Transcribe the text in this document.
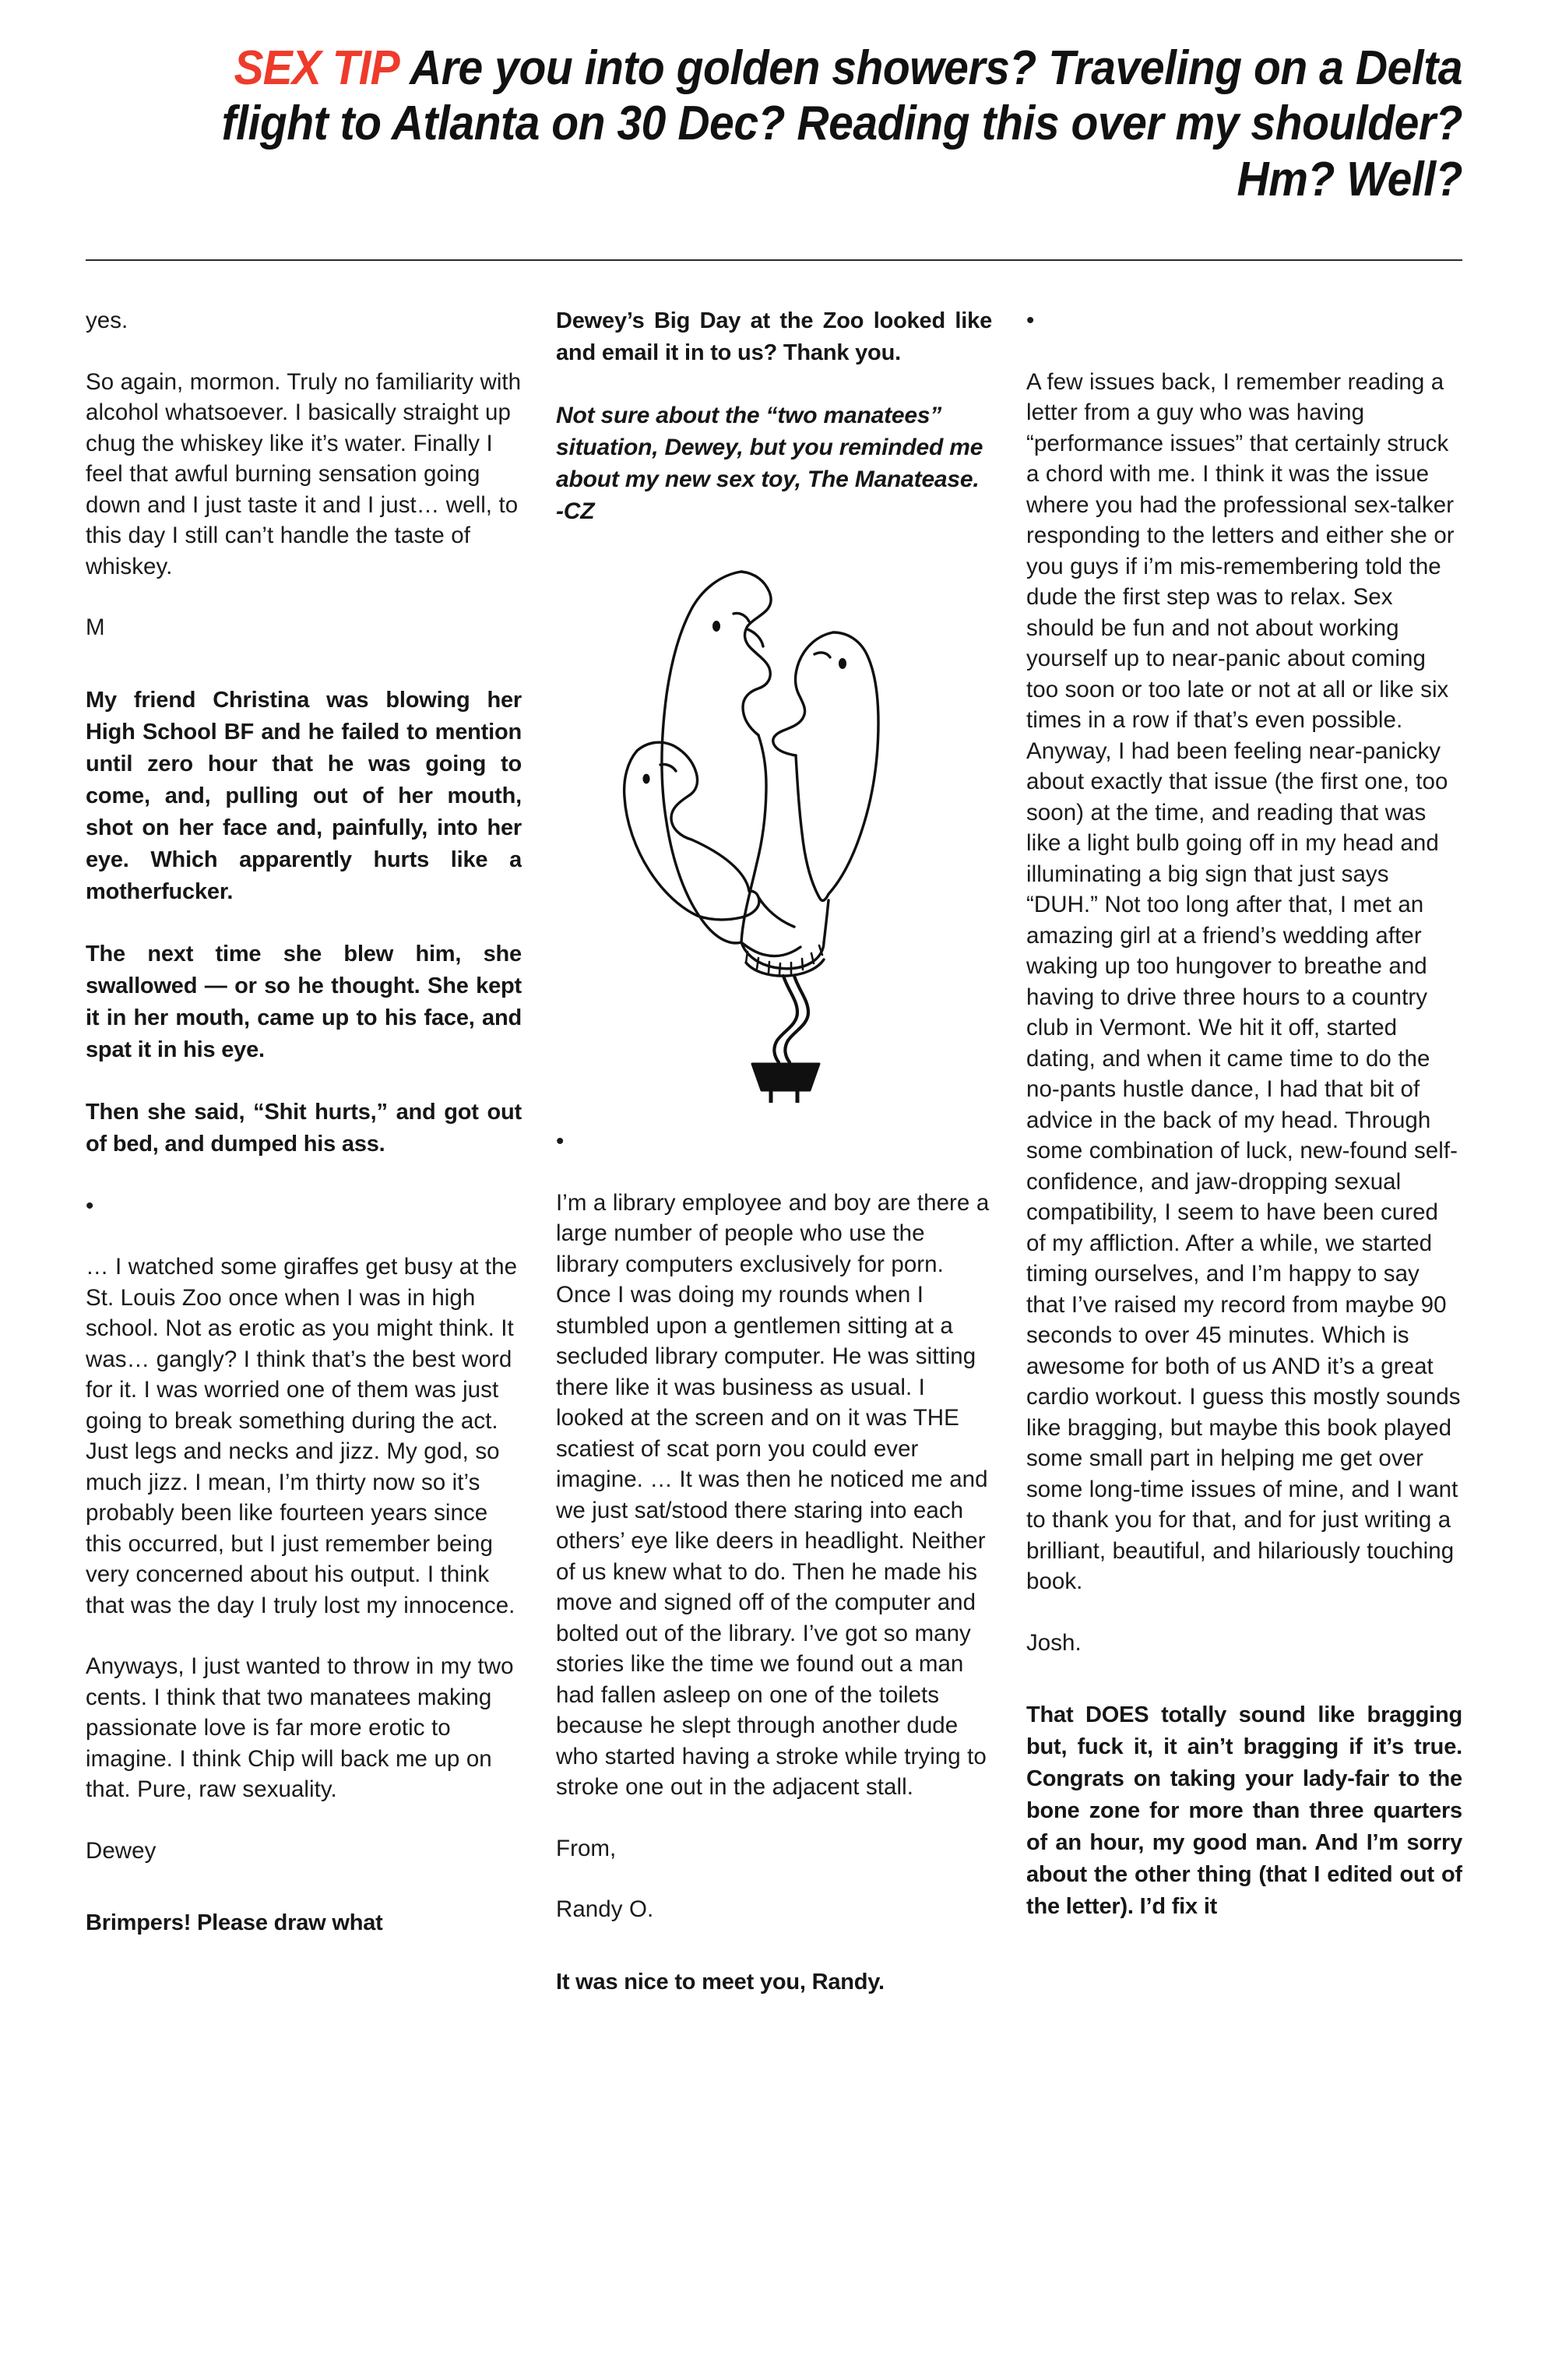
SEX TIP Are you into golden showers? Traveling on a Delta flight to Atlanta on 30 Dec? Reading this over my shoulder? Hm? Well?

yes.

So again, mormon. Truly no familiarity with alcohol whatsoever. I basically straight up chug the whiskey like it’s water. Finally I feel that awful burning sensation going down and I just taste it and I just… well, to this day I still can’t handle the taste of whiskey.

M

My friend Christina was blowing her High School BF and he failed to mention until zero hour that he was going to come, and, pulling out of her mouth, shot on her face and, painfully, into her eye. Which apparently hurts like a motherfucker.

The next time she blew him, she swallowed — or so he thought. She kept it in her mouth, came up to his face, and spat it in his eye.

Then she said, “Shit hurts,” and got out of bed, and dumped his ass.

•

… I watched some giraffes get busy at the St. Louis Zoo once when I was in high school. Not as erotic as you might think. It was… gangly? I think that’s the best word for it. I was worried one of them was just going to break something during the act. Just legs and necks and jizz. My god, so much jizz. I mean, I’m thirty now so it’s probably been like fourteen years since this occurred, but I just remember being very concerned about his output. I think that was the day I truly lost my innocence.

Anyways, I just wanted to throw in my two cents. I think that two manatees making passionate love is far more erotic to imagine. I think Chip will back me up on that. Pure, raw sexuality.

Dewey

Brimpers! Please draw what

Dewey’s Big Day at the Zoo looked like and email it in to us? Thank you.

Not sure about the “two manatees” situation, Dewey, but you reminded me about my new sex toy, The Manatease. -CZ

•

I’m a library employee and boy are there a large number of people who use the library computers exclusively for porn. Once I was doing my rounds when I stumbled upon a gentlemen sitting at a secluded library computer. He was sitting there like it was business as usual. I looked at the screen and on it was THE scatiest of scat porn you could ever imagine. … It was then he noticed me and we just sat/stood there staring into each others’ eye like deers in headlight. Neither of us knew what to do. Then he made his move and signed off of the computer and bolted out of the library. I’ve got so many stories like the time we found out a man had fallen asleep on one of the toilets because he slept through another dude who started having a stroke while trying to stroke one out in the adjacent stall.

From,

Randy O.

It was nice to meet you, Randy.

•

A few issues back, I remember reading a letter from a guy who was having “performance issues” that certainly struck a chord with me. I think it was the issue where you had the professional sex-talker responding to the letters and either she or you guys if i’m mis-remembering told the dude the first step was to relax. Sex should be fun and not about working yourself up to near-panic about coming too soon or too late or not at all or like six times in a row if that’s even possible. Anyway, I had been feeling near-panicky about exactly that issue (the first one, too soon) at the time, and reading that was like a light bulb going off in my head and illuminating a big sign that just says “DUH.” Not too long after that, I met an amazing girl at a friend’s wedding after waking up too hungover to breathe and having to drive three hours to a country club in Vermont. We hit it off, started dating, and when it came time to do the no-pants hustle dance, I had that bit of advice in the back of my head. Through some combination of luck, new-found self-confidence, and jaw-dropping sexual compatibility, I seem to have been cured of my affliction. After a while, we started timing ourselves, and I’m happy to say that I’ve raised my record from maybe 90 seconds to over 45 minutes. Which is awesome for both of us AND it’s a great cardio workout. I guess this mostly sounds like bragging, but maybe this book played some small part in helping me get over some long-time issues of mine, and I want to thank you for that, and for just writing a brilliant, beautiful, and hilariously touching book.

Josh.

That DOES totally sound like bragging but, fuck it, it ain’t bragging if it’s true. Congrats on taking your lady-fair to the bone zone for more than three quarters of an hour, my good man. And I’m sorry about the other thing (that I edited out of the letter). I’d fix it
